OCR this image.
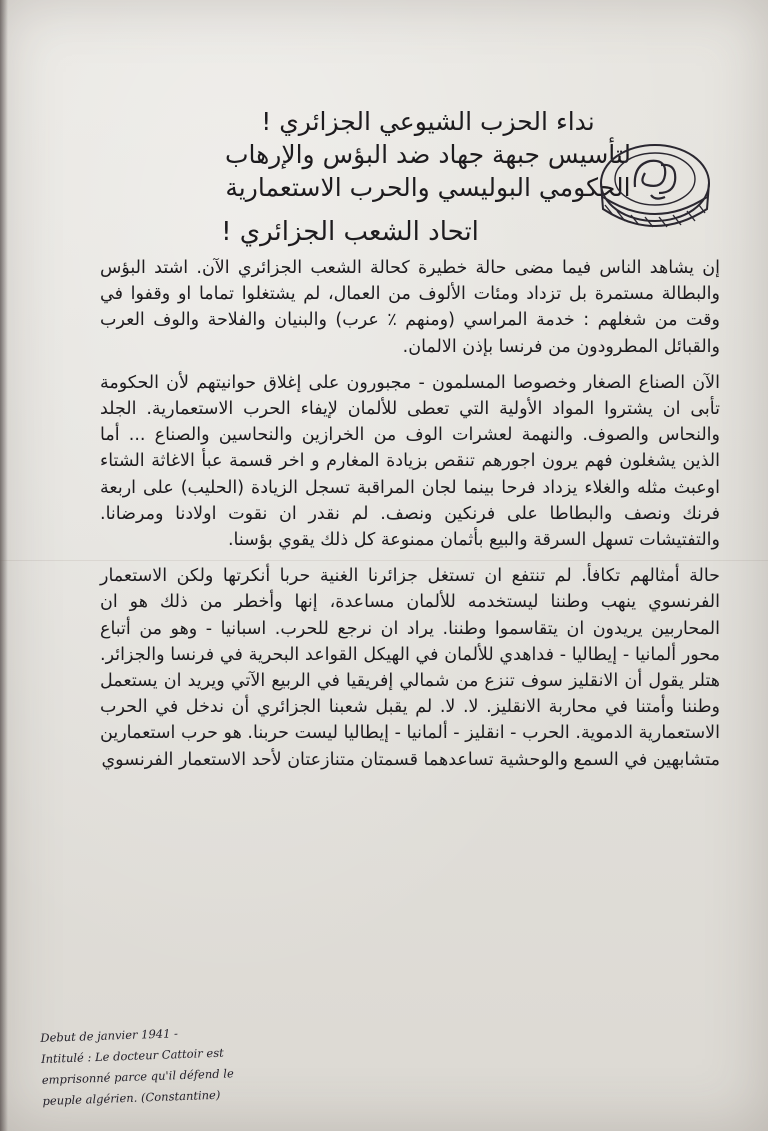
نداء الحزب الشيوعي الجزائري !
لتأسيس جبهة جهاد ضد البؤس والإرهاب
الحكومي البوليسي والحرب الاستعمارية
اتحاد الشعب الجزائري !

إن يشاهد الناس فيما مضى حالة خطيرة كحالة الشعب الجزائري الآن. اشتد البؤس والبطالة مستمرة بل تزداد ومئات الألوف من العمال، لم يشتغلوا تماما او وقفوا في وقت من شغلهم : خدمة المراسي (ومنهم ٪ عرب) والبنيان والفلاحة والوف العرب والقبائل المطرودون من فرنسا بإذن الالمان.

الآن الصناع الصغار وخصوصا المسلمون - مجبورون على إغلاق حوانيتهم لأن الحكومة تأبى ان يشتروا المواد الأولية التي تعطى للألمان لإيفاء الحرب الاستعمارية. الجلد والنحاس والصوف. والنهمة لعشرات الوف من الخرازين والنحاسين والصناع ... أما الذين يشغلون فهم يرون اجورهم تنقص بزيادة المغارم و اخر قسمة عبأ الاغاثة الشتاء اوعبث مثله والغلاء يزداد فرحا بينما لجان المراقبة تسجل الزيادة (الحليب) على اربعة فرنك ونصف والبطاطا على فرنكين ونصف. لم نقدر ان نقوت اولادنا ومرضانا. والتفتيشات تسهل السرقة والبيع بأثمان ممنوعة كل ذلك يقوي بؤسنا.

حالة أمثالهم تكافأ. لم تنتفع ان تستغل جزائرنا الغنية حربا أنكرتها ولكن الاستعمار الفرنسوي ينهب وطننا ليستخدمه للألمان مساعدة، إنها وأخطر من ذلك هو ان المحاربين يريدون ان يتقاسموا وطننا. يراد ان نرجع للحرب. اسبانيا - وهو من أتباع محور ألمانيا - إيطاليا - فداهدي للألمان في الهيكل القواعد البحرية في فرنسا والجزائر. هتلر يقول أن الانقليز سوف تنزع من شمالي إفريقيا في الربيع الآتي ويريد ان يستعمل وطننا وأمتنا في محاربة الانقليز. لا. لا. لم يقبل شعبنا الجزائري أن ندخل في الحرب الاستعمارية الدموية. الحرب - انقليز - ألمانيا - إيطاليا ليست حربنا. هو حرب استعمارين متشابهين في السمع والوحشية تساعدهما قسمتان متنازعتان لأحد الاستعمار الفرنسوي

Debut de janvier 1941 -
Intitulé : Le docteur Cattoir est
emprisonné parce qu'il défend le
peuple algérien. (Constantine)
